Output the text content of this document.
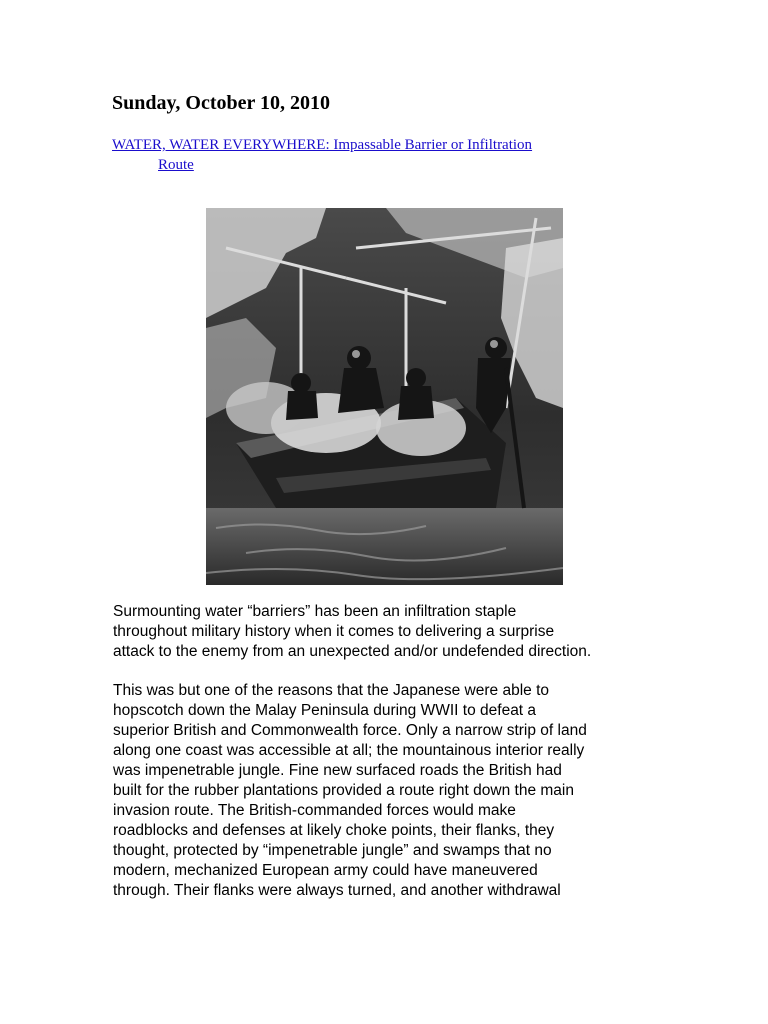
Sunday, October 10, 2010
WATER, WATER EVERYWHERE: Impassable Barrier or Infiltration
Route

Surmounting water “barriers” has been an infiltration staple
throughout military history when it comes to delivering a surprise
attack to the enemy from an unexpected and/or undefended direction.

This was but one of the reasons that the Japanese were able to
hopscotch down the Malay Peninsula during WWII to defeat a
superior British and Commonwealth force. Only a narrow strip of land
along one coast was accessible at all; the mountainous interior really
was impenetrable jungle. Fine new surfaced roads the British had
built for the rubber plantations provided a route right down the main
invasion route. The British-commanded forces would make
roadblocks and defenses at likely choke points, their flanks, they
thought, protected by “impenetrable jungle” and swamps that no
modern, mechanized European army could have maneuvered
through. Their flanks were always turned, and another withdrawal
